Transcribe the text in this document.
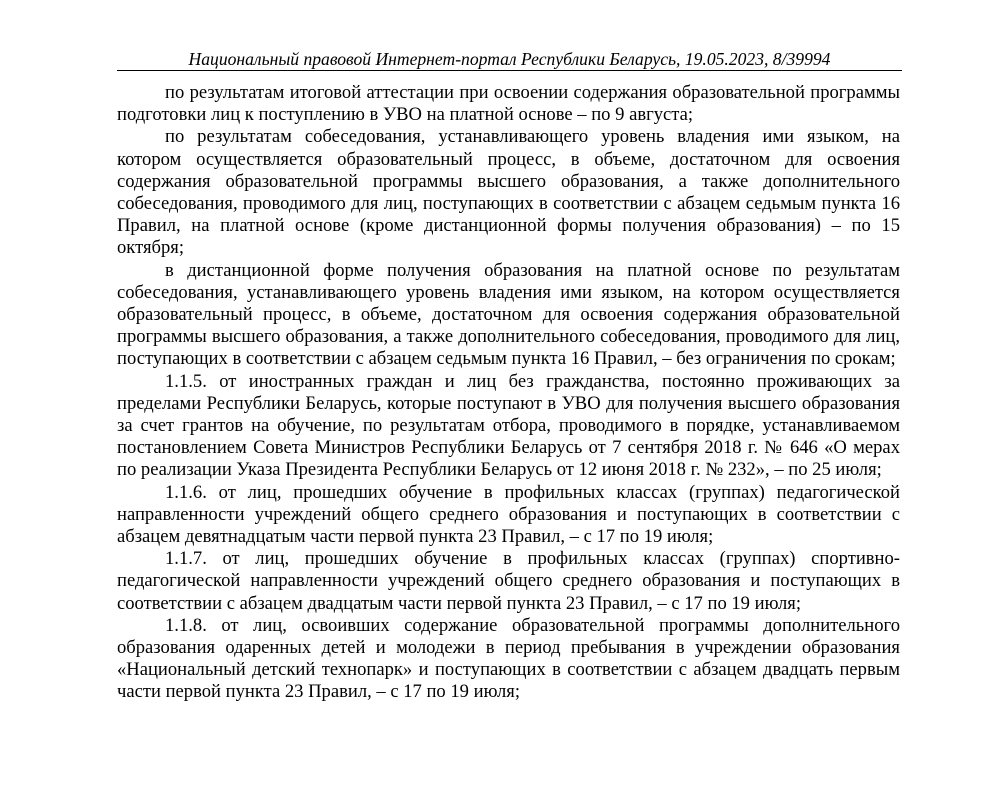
Национальный правовой Интернет-портал Республики Беларусь, 19.05.2023, 8/39994

по результатам итоговой аттестации при освоении содержания образовательной программы подготовки лиц к поступлению в УВО на платной основе – по 9 августа;

по результатам собеседования, устанавливающего уровень владения ими языком, на котором осуществляется образовательный процесс, в объеме, достаточном для освоения содержания образовательной программы высшего образования, а также дополнительного собеседования, проводимого для лиц, поступающих в соответствии с абзацем седьмым пункта 16 Правил, на платной основе (кроме дистанционной формы получения образования) – по 15 октября;

в дистанционной форме получения образования на платной основе по результатам собеседования, устанавливающего уровень владения ими языком, на котором осуществляется образовательный процесс, в объеме, достаточном для освоения содержания образовательной программы высшего образования, а также дополнительного собеседования, проводимого для лиц, поступающих в соответствии с абзацем седьмым пункта 16 Правил, – без ограничения по срокам;

1.1.5. от иностранных граждан и лиц без гражданства, постоянно проживающих за пределами Республики Беларусь, которые поступают в УВО для получения высшего образования за счет грантов на обучение, по результатам отбора, проводимого в порядке, устанавливаемом постановлением Совета Министров Республики Беларусь от 7 сентября 2018 г. № 646 «О мерах по реализации Указа Президента Республики Беларусь от 12 июня 2018 г. № 232», – по 25 июля;

1.1.6. от лиц, прошедших обучение в профильных классах (группах) педагогической направленности учреждений общего среднего образования и поступающих в соответствии с абзацем девятнадцатым части первой пункта 23 Правил, – с 17 по 19 июля;

1.1.7. от лиц, прошедших обучение в профильных классах (группах) спортивно-педагогической направленности учреждений общего среднего образования и поступающих в соответствии с абзацем двадцатым части первой пункта 23 Правил, – с 17 по 19 июля;

1.1.8. от лиц, освоивших содержание образовательной программы дополнительного образования одаренных детей и молодежи в период пребывания в учреждении образования «Национальный детский технопарк» и поступающих в соответствии с абзацем двадцать первым части первой пункта 23 Правил, – с 17 по 19 июля;
